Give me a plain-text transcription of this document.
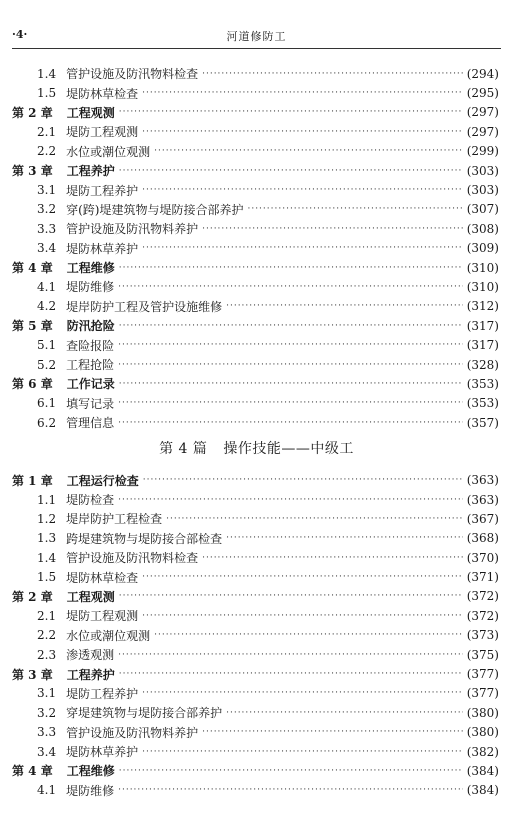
·4·	河道修防工
1.4 管护设施及防汛物料检查 ·····	(294)
1.5 堤防林草检查 ·····	(295)
第 2 章 工程观测 ·····	(297)
2.1 堤防工程观测 ·····	(297)
2.2 水位或潮位观测 ·····	(299)
第 3 章 工程养护 ·····	(303)
3.1 堤防工程养护 ·····	(303)
3.2 穿(跨)堤建筑物与堤防接合部养护 ·····	(307)
3.3 管护设施及防汛物料养护 ·····	(308)
3.4 堤防林草养护 ·····	(309)
第 4 章 工程维修 ·····	(310)
4.1 堤防维修 ·····	(310)
4.2 堤岸防护工程及管护设施维修 ·····	(312)
第 5 章 防汛抢险 ·····	(317)
5.1 查险报险 ·····	(317)
5.2 工程抢险 ·····	(328)
第 6 章 工作记录 ·····	(353)
6.1 填写记录 ·····	(353)
6.2 管理信息 ·····	(357)
第 4 篇 操作技能——中级工
第 1 章 工程运行检查 ·····	(363)
1.1 堤防检查 ·····	(363)
1.2 堤岸防护工程检查 ·····	(367)
1.3 跨堤建筑物与堤防接合部检查 ·····	(368)
1.4 管护设施及防汛物料检查 ·····	(370)
1.5 堤防林草检查 ·····	(371)
第 2 章 工程观测 ·····	(372)
2.1 堤防工程观测 ·····	(372)
2.2 水位或潮位观测 ·····	(373)
2.3 渗透观测 ·····	(375)
第 3 章 工程养护 ·····	(377)
3.1 堤防工程养护 ·····	(377)
3.2 穿堤建筑物与堤防接合部养护 ·····	(380)
3.3 管护设施及防汛物料养护 ·····	(380)
3.4 堤防林草养护 ·····	(382)
第 4 章 工程维修 ·····	(384)
4.1 堤防维修 ·····	(384)
